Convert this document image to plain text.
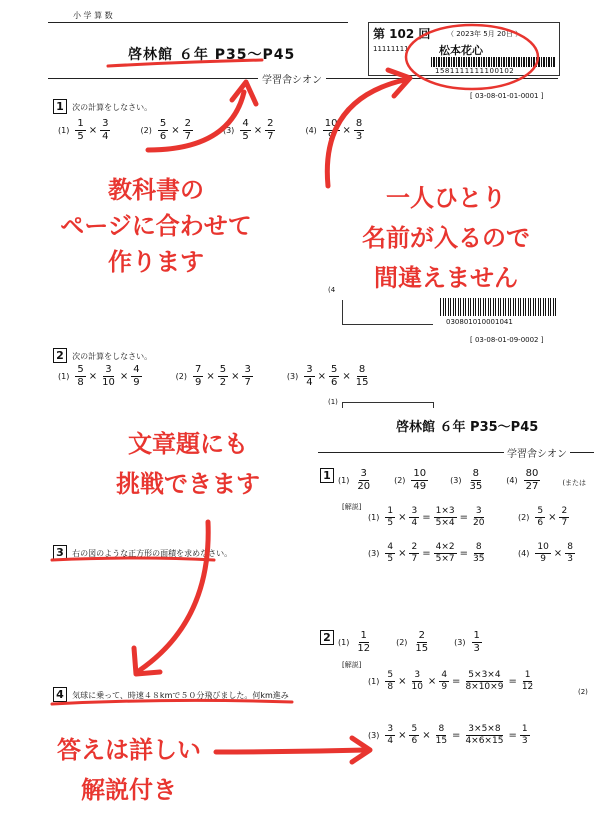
小 学 算 数
啓林館 ６年 P35〜P45
第 102 回 （ 2023年 5月 20日 ）
11111111	松本花心
1581111111100102
学習舎シオン
[ 03-08-01-01-0001 ]
1 次の計算をしなさい。
$(1) \frac{1}{5} \times \frac{3}{4}$	$(2) \frac{5}{6} \times \frac{2}{7}$	$(3) \frac{4}{5} \times \frac{2}{7}$	$(4) \frac{10}{9} \times \frac{8}{3}$
(4
030801010001041
[ 03-08-01-09-0002 ]
2 次の計算をしなさい。
$(1) \frac{5}{8} \times \frac{3}{10} \times \frac{4}{9}$	$(2) \frac{7}{9} \times \frac{5}{2} \times \frac{3}{7}$	$(3) \frac{3}{4} \times \frac{5}{6} \times \frac{8}{15}$
(1)
3 右の図のような正方形の面積を求めなさい。
4 気球に乗って、時速４８kmで５０分飛びました。何km進み
啓林館 ６年 P35〜P45
学習舎シオン
1 $(1) \frac{3}{20}$	$(2) \frac{10}{49}$	$(3) \frac{8}{35}$	$(4) \frac{80}{27}$	(または
[解説]
$(1) \frac{1}{5} \times \frac{3}{4} = \frac{1\times 3}{5\times 4} = \frac{3}{20}$	$(2) \frac{5}{6} \times \frac{2}{7}$
$(3) \frac{4}{5} \times \frac{2}{7} = \frac{4\times 2}{5\times 7} = \frac{8}{35}$	$(4) \frac{10}{9} \times \frac{8}{3}$
2 $(1) \frac{1}{12}$	$(2) \frac{2}{15}$	$(3) \frac{1}{3}$
[解説]
$(1) \frac{5}{8} \times \frac{3}{10} \times \frac{4}{9} = \frac{5\times 3\times 4}{8\times 10\times 9} = \frac{1}{12}$	(2)
$(3) \frac{3}{4} \times \frac{5}{6} \times \frac{8}{15} = \frac{3\times 5\times 8}{4\times 6\times 15} = \frac{1}{3}$
教科書の
ページに合わせて
作ります
一人ひとり
名前が入るので
間違えません
文章題にも
挑戦できます
答えは詳しい
解説付き
